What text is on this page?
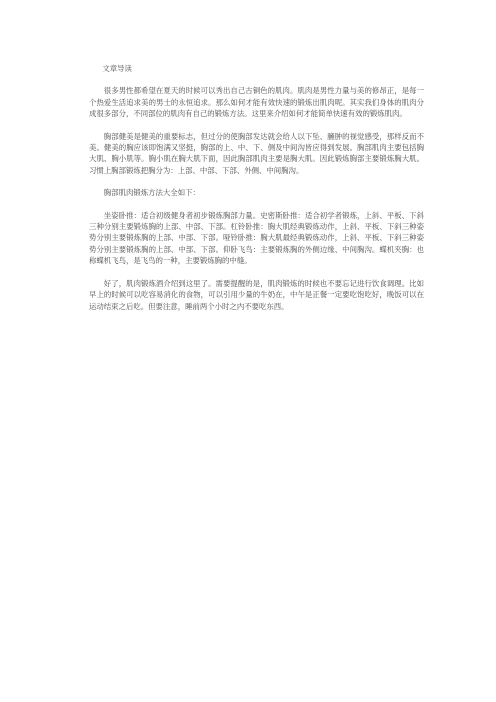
文章导读

很多男性都希望在夏天的时候可以秀出自己古铜色的肌肉。肌肉是男性力量与美的修昂正，是每一个热爱生活追求美的男士的永恒追求。那么如何才能有效快速的锻炼出肌肉呢。其实我们身体的肌肉分成很多部分，不同部位的肌肉有自己的锻炼方法。这里来介绍如何才能简单快速有效的锻炼肌肉。

胸部健美是健美的重要标志，但过分的使胸部发达就会给人以下坠、臃肿的视觉感受，那样反而不美。健美的胸应该即饱满又坚挺，胸部的上、中、下、侧及中间沟皆应得到发展。胸部肌肉主要包括胸大肌、胸小肌等。胸小肌在胸大肌下面，因此胸部肌肉主要是胸大肌。因此锻炼胸部主要锻炼胸大肌。习惯上胸部锻炼把胸分为：上部、中部、下部、外侧、中间胸沟。

胸部肌肉锻炼方法大全如下：

坐姿卧推：适合初级健身者初步锻炼胸部力量。史密斯卧推：适合初学者锻炼，上斜、平板、下斜三种分别主要锻炼胸的上部、中部、下部。杠铃卧推：胸大肌经典锻炼动作，上斜、平板、下斜三种姿势分别主要锻炼胸的上部、中部、下部。哑铃卧推：胸大肌最经典锻炼动作，上斜、平板、下斜三种姿势分别主要锻炼胸的上部、中部、下部。仰卧飞鸟：主要锻炼胸的外侧边缘、中间胸沟。蝶机夹胸：也称蝶机飞鸟，是飞鸟的一种，主要锻炼胸的中缝。

好了，肌肉锻炼酒介绍到这里了。需要提醒的是，肌肉锻炼的时候也不要忘记进行饮食调理。比如早上的时候可以吃容易消化的食物，可以引用少量的牛奶在，中午是正餐一定要吃饱吃好，晚饭可以在运动结束之后吃。但要注意，睡前两个小时之内不要吃东西。
